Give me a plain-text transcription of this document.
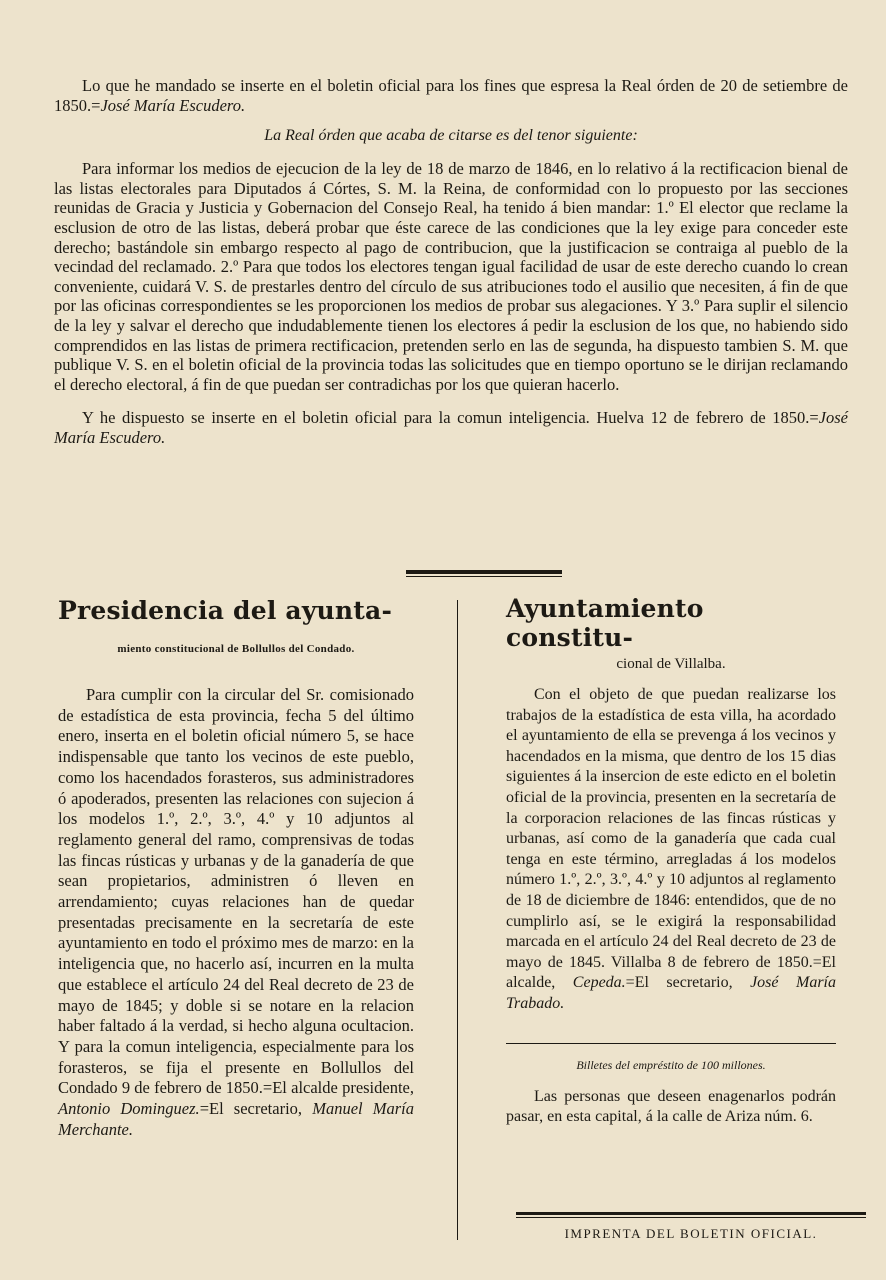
Lo que he mandado se inserte en el boletin oficial para los fines que espresa la Real órden de 20 de setiembre de 1850.=José María Escudero.

La Real órden que acaba de citarse es del tenor siguiente:

Para informar los medios de ejecucion de la ley de 18 de marzo de 1846, en lo relativo á la rectificacion bienal de las listas electorales para Diputados á Córtes, S. M. la Reina, de conformidad con lo propuesto por las secciones reunidas de Gracia y Justicia y Gobernacion del Consejo Real, ha tenido á bien mandar: 1.º El elector que reclame la esclusion de otro de las listas, deberá probar que éste carece de las condiciones que la ley exige para conceder este derecho; bastándole sin embargo respecto al pago de contribucion, que la justificacion se contraiga al pueblo de la vecindad del reclamado. 2.º Para que todos los electores tengan igual facilidad de usar de este derecho cuando lo crean conveniente, cuidará V. S. de prestarles dentro del círculo de sus atribuciones todo el ausilio que necesiten, á fin de que por las oficinas correspondientes se les proporcionen los medios de probar sus alegaciones. Y 3.º Para suplir el silencio de la ley y salvar el derecho que indudablemente tienen los electores á pedir la esclusion de los que, no habiendo sido comprendidos en las listas de primera rectificacion, pretenden serlo en las de segunda, ha dispuesto tambien S. M. que publique V. S. en el boletin oficial de la provincia todas las solicitudes que en tiempo oportuno se le dirijan reclamando el derecho electoral, á fin de que puedan ser contradichas por los que quieran hacerlo.

Y he dispuesto se inserte en el boletin oficial para la comun inteligencia. Huelva 12 de febrero de 1850.=José María Escudero.

Presidencia del ayunta-
miento constitucional de Bollullos del Condado.

Para cumplir con la circular del Sr. comisionado de estadística de esta provincia, fecha 5 del último enero, inserta en el boletin oficial número 5, se hace indispensable que tanto los vecinos de este pueblo, como los hacendados forasteros, sus administradores ó apoderados, presenten las relaciones con sujecion á los modelos 1.º, 2.º, 3.º, 4.º y 10 adjuntos al reglamento general del ramo, comprensivas de todas las fincas rústicas y urbanas y de la ganadería de que sean propietarios, administren ó lleven en arrendamiento; cuyas relaciones han de quedar presentadas precisamente en la secretaría de este ayuntamiento en todo el próximo mes de marzo: en la inteligencia que, no hacerlo así, incurren en la multa que establece el artículo 24 del Real decreto de 23 de mayo de 1845; y doble si se notare en la relacion haber faltado á la verdad, si hecho alguna ocultacion. Y para la comun inteligencia, especialmente para los forasteros, se fija el presente en Bollullos del Condado 9 de febrero de 1850.=El alcalde presidente, Antonio Dominguez.=El secretario, Manuel María Merchante.

Ayuntamiento constitu-
cional de Villalba.

Con el objeto de que puedan realizarse los trabajos de la estadística de esta villa, ha acordado el ayuntamiento de ella se prevenga á los vecinos y hacendados en la misma, que dentro de los 15 dias siguientes á la insercion de este edicto en el boletin oficial de la provincia, presenten en la secretaría de la corporacion relaciones de las fincas rústicas y urbanas, así como de la ganadería que cada cual tenga en este término, arregladas á los modelos número 1.º, 2.º, 3.º, 4.º y 10 adjuntos al reglamento de 18 de diciembre de 1846: entendidos, que de no cumplirlo así, se le exigirá la responsabilidad marcada en el artículo 24 del Real decreto de 23 de mayo de 1845. Villalba 8 de febrero de 1850.=El alcalde, Cepeda.=El secretario, José María Trabado.

Billetes del empréstito de 100 millones.

Las personas que deseen enagenarlos podrán pasar, en esta capital, á la calle de Ariza núm. 6.

IMPRENTA DEL BOLETIN OFICIAL.
